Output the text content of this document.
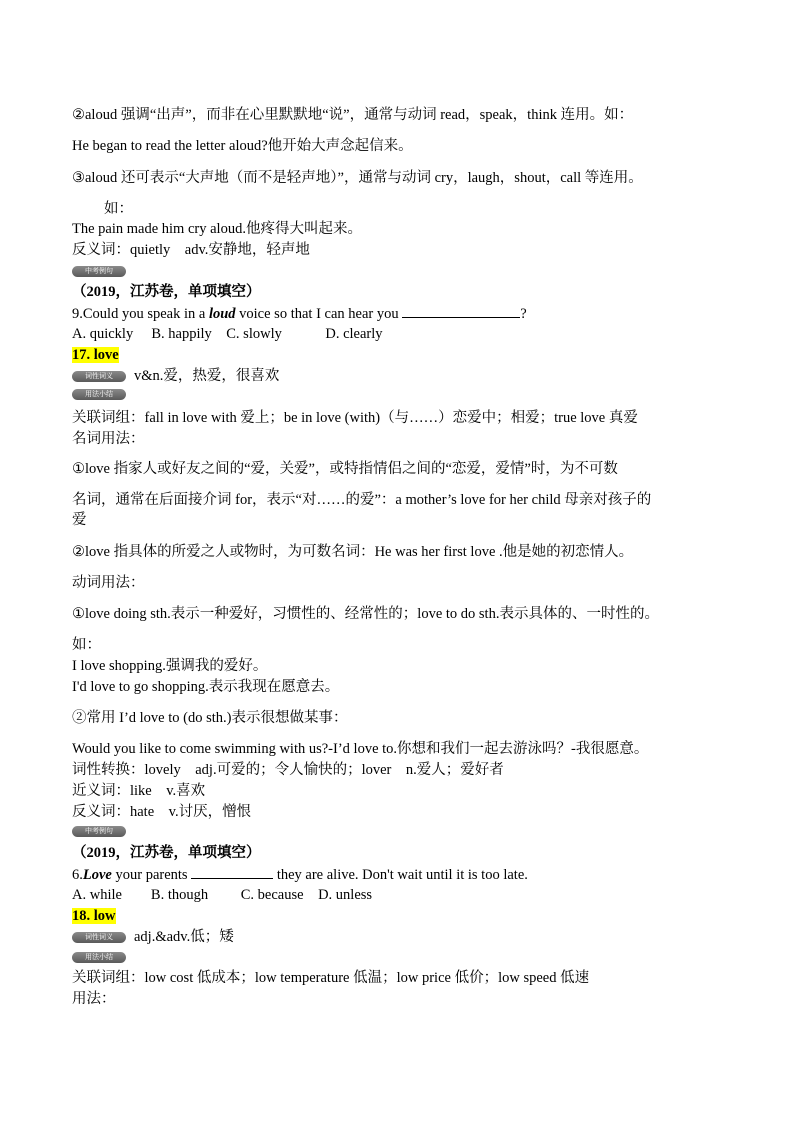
②aloud 强调“出声”，而非在心里默默地“说”，通常与动词 read，speak，think 连用。如：
He began to read the letter aloud?他开始大声念起信来。
③aloud 还可表示“大声地（而不是轻声地）”，通常与动词 cry，laugh，shout，call 等连用。
如：
The pain made him cry aloud.他疼得大叫起来。
反义词：quietly　adv.安静地，轻声地
中考例句
（2019，江苏卷，单项填空）
9.Could you speak in a loud voice so that I can hear you	?
A. quickly　 B. happily　C. slowly　　　D. clearly
17. love
词性词义 v&n.爱，热爱，很喜欢
用法小结
关联词组：fall in love with 爱上；be in love (with)（与……）恋爱中；相爱；true love 真爱
名词用法：
①love 指家人或好友之间的“爱，关爱”，或特指情侣之间的“恋爱，爱情”时，为不可数
名词，通常在后面接介词 for，表示“对……的爱”：a mother’s love for her child 母亲对孩子的
爱
②love 指具体的所爱之人或物时，为可数名词：He was her first love .他是她的初恋情人。
动词用法：
①love doing sth.表示一种爱好，习惯性的、经常性的；love to do sth.表示具体的、一时性的。
如：
I love shopping.强调我的爱好。
I'd love to go shopping.表示我现在愿意去。
②常用 I’d love to (do sth.)表示很想做某事：
Would you like to come swimming with us?-I’d love to.你想和我们一起去游泳吗？-我很愿意。
词性转换：lovely　adj.可爱的；令人愉快的；lover　n.爱人；爱好者
近义词：like　v.喜欢
反义词：hate　v.讨厌，憎恨
中考例句
（2019，江苏卷，单项填空）
6.Love your parents	they are alive. Don't wait until it is too late.
A. while　　B. though　　 C. because　D. unless
18. low
词性词义 adj.&adv.低；矮
用法小结
关联词组：low cost 低成本；low temperature 低温；low price 低价；low speed 低速
用法：
